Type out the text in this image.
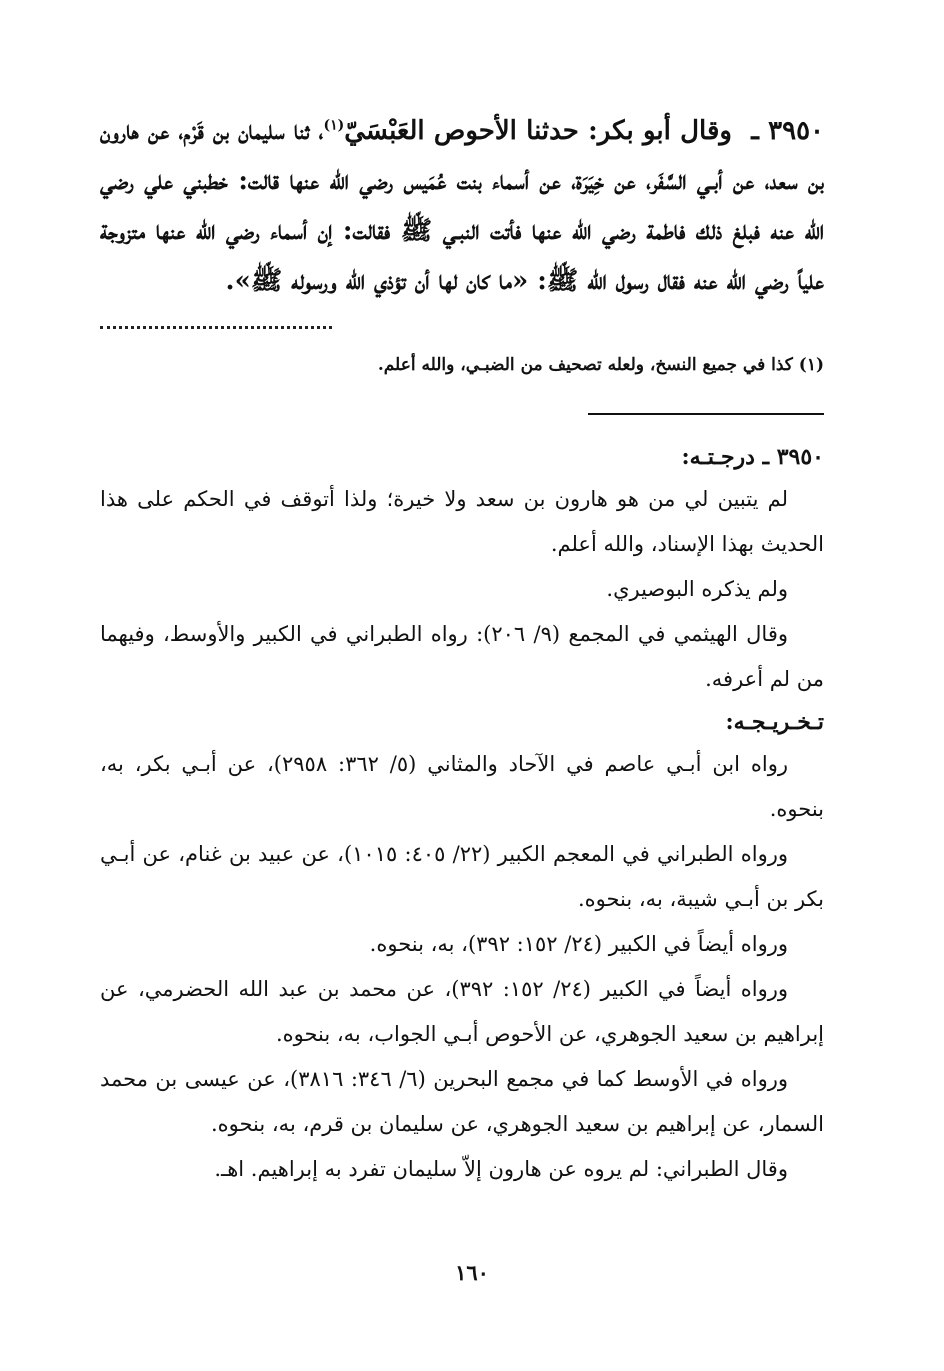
٣٩٥٠ ـ وقال أبو بكر: حدثنا الأحوص العَبْسَيّ$^{(١)}$، ثنا سليمان بن قَرْم، عن هارون بن سعد، عن أبـي السَّفَر، عن خِيَرَة، عن أسماء بنت عُمَيس رضي الله عنها قالت: خطبني علي رضي الله عنه فبلغ ذلك فاطمة رضي الله عنها فأتت النبـي ﷺ فقالت: إن أسماء رضي الله عنها متزوجة علياً رضي الله عنه فقال رسول الله ﷺ: «ما كان لها أن تؤذي الله ورسوله ﷺ».

(١) كذا في جميع النسخ، ولعله تصحيف من الضبـي، والله أعلم.
٣٩٥٠ ـ درجـتـه:

لم يتبين لي من هو هارون بن سعد ولا خيرة؛ ولذا أتوقف في الحكم على هذا الحديث بهذا الإسناد، والله أعلم.

ولم يذكره البوصيري.

وقال الهيثمي في المجمع (٩/ ٢٠٦): رواه الطبراني في الكبير والأوسط، وفيهما من لم أعرفه.

تـخـريـجـه:

رواه ابن أبـي عاصم في الآحاد والمثاني (٥/ ٣٦٢: ٢٩٥٨)، عن أبـي بكر، به، بنحوه.

ورواه الطبراني في المعجم الكبير (٢٢/ ٤٠٥: ١٠١٥)، عن عبيد بن غنام، عن أبـي بكر بن أبـي شيبة، به، بنحوه.

ورواه أيضاً في الكبير (٢٤/ ١٥٢: ٣٩٢)، به، بنحوه.

ورواه أيضاً في الكبير (٢٤/ ١٥٢: ٣٩٢)، عن محمد بن عبد الله الحضرمي، عن إبراهيم بن سعيد الجوهري، عن الأحوص أبـي الجواب، به، بنحوه.

ورواه في الأوسط كما في مجمع البحرين (٦/ ٣٤٦: ٣٨١٦)، عن عيسى بن محمد السمار، عن إبراهيم بن سعيد الجوهري، عن سليمان بن قرم، به، بنحوه.

وقال الطبراني: لم يروه عن هارون إلاّ سليمان تفرد به إبراهيم. اهـ.

١٦٠
